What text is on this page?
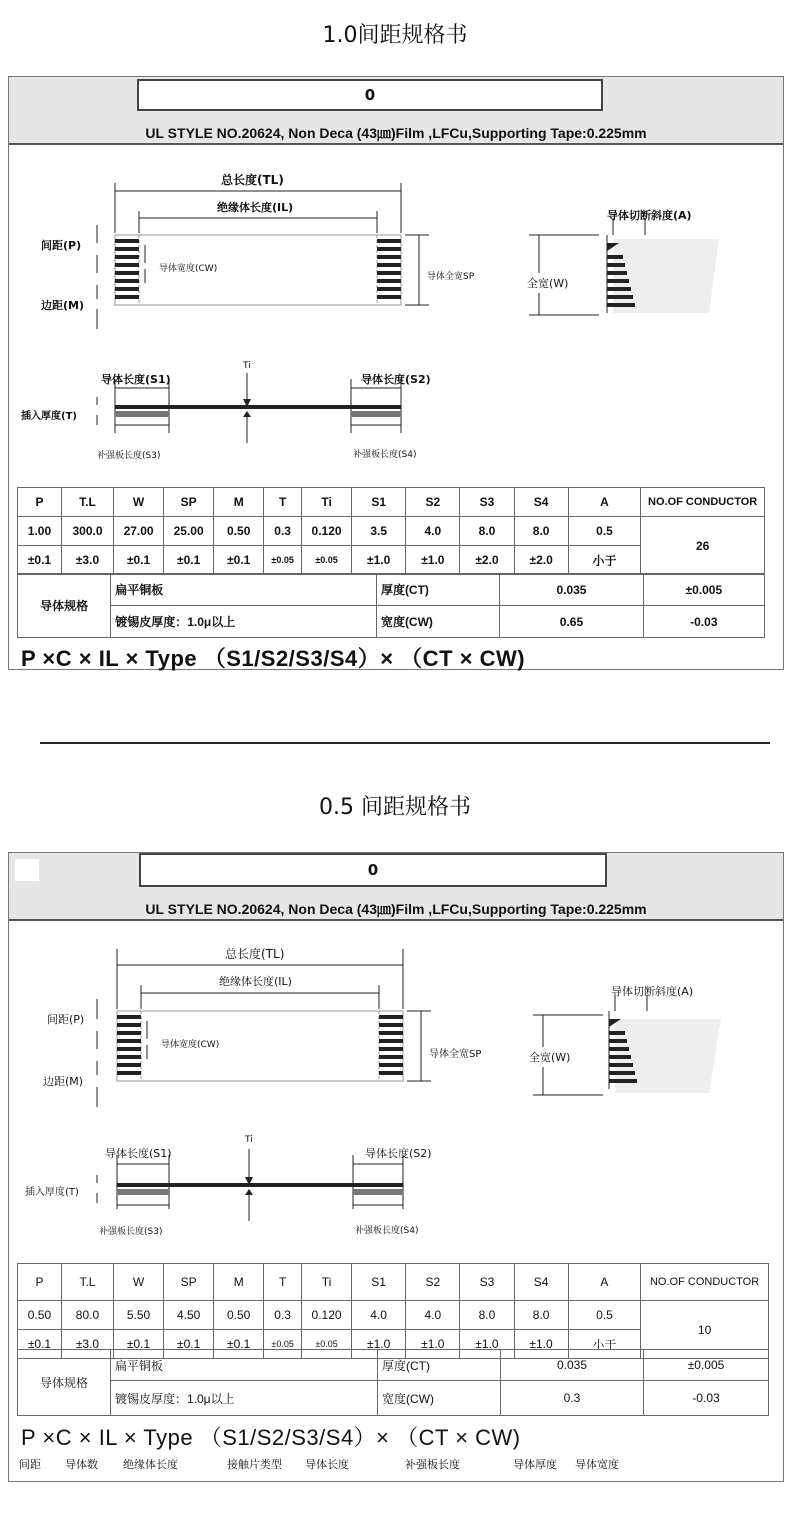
1.0间距规格书
0
UL STYLE NO.20624, Non Deca (43㎛)Film ,LFCu,Supporting Tape:0.225mm
总长度(TL)
绝缘体长度(IL)
间距(P)
边距(M)
导体宽度(CW)
导体全宽SP	全宽(W)
导体切断斜度(A)
Ti
导体长度(S1)	导体长度(S2)
插入厚度(T)
补强板长度(S3)	补强板长度(S4)
P	T.L	W	SP	M	T	Ti	S1	S2	S3	S4	A	NO.OF CONDUCTOR
1.00	300.0	27.00	25.00	0.50	0.3	0.120	3.5	4.0	8.0	8.0	0.5	26
±0.1	±3.0	±0.1	±0.1	±0.1	±0.05	±0.05	±1.0	±1.0	±2.0	±2.0	小于	
导体规格	扁平铜板	厚度(CT)	0.035	±0.005
	镀锡皮厚度：1.0μ以上	宽度(CW)	0.65	-0.03
P ×C × IL × Type （S1/S2/S3/S4）× （CT × CW)
0.5 间距规格书
0
UL STYLE NO.20624, Non Deca (43㎛)Film ,LFCu,Supporting Tape:0.225mm
总长度(TL)
绝缘体长度(IL)
间距(P)
边距(M)
导体宽度(CW)
导体全宽SP	全宽(W)
导体切断斜度(A)
Ti
导体长度(S1)	导体长度(S2)
插入厚度(T)
补强板长度(S3)	补强板长度(S4)
P	T.L	W	SP	M	T	Ti	S1	S2	S3	S4	A	NO.OF CONDUCTOR
0.50	80.0	5.50	4.50	0.50	0.3	0.120	4.0	4.0	8.0	8.0	0.5	10
±0.1	±3.0	±0.1	±0.1	±0.1	±0.05	±0.05	±1.0	±1.0	±1.0	±1.0	小于	
导体规格	扁平铜板	厚度(CT)	0.035	±0.005
	镀锡皮厚度：1.0μ以上	宽度(CW)	0.3	-0.03
P ×C × IL × Type （S1/S2/S3/S4）× （CT × CW)
间距 导体数 绝缘体长度	接触片类型 导体长度	补强板长度	导体厚度 导体宽度
